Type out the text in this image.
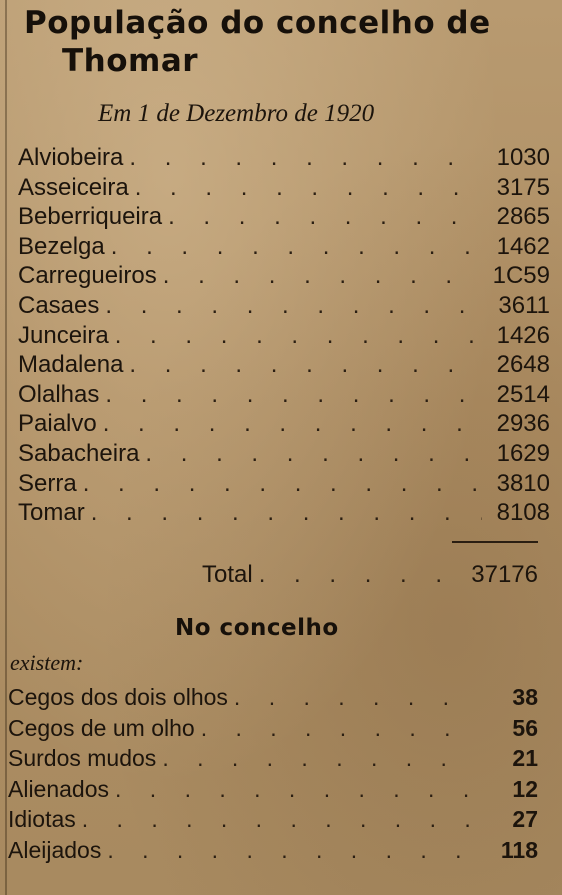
População do concelho de
Thomar
Em 1 de Dezembro de 1920
Alviobeira . . .	1030
Asseiceira . . .	3175
Beberriqueira . . .	2865
Bezelga . . .	1462
Carregueiros . . .	1C59
Casaes . . .	3611
Junceira . . .	1426
Madalena . . .	2648
Olalhas . . .	2514
Paialvo . . .	2936
Sabacheira . . .	1629
Serra . . .	3810
Tomar . . .	8108
Total . . .	37176
No concelho
existem:
Cegos dos dois olhos . . .	38
Cegos de um olho . . .	56
Surdos mudos . . .	21
Alienados . . .	12
Idiotas . . .	27
Aleijados . . .	118
